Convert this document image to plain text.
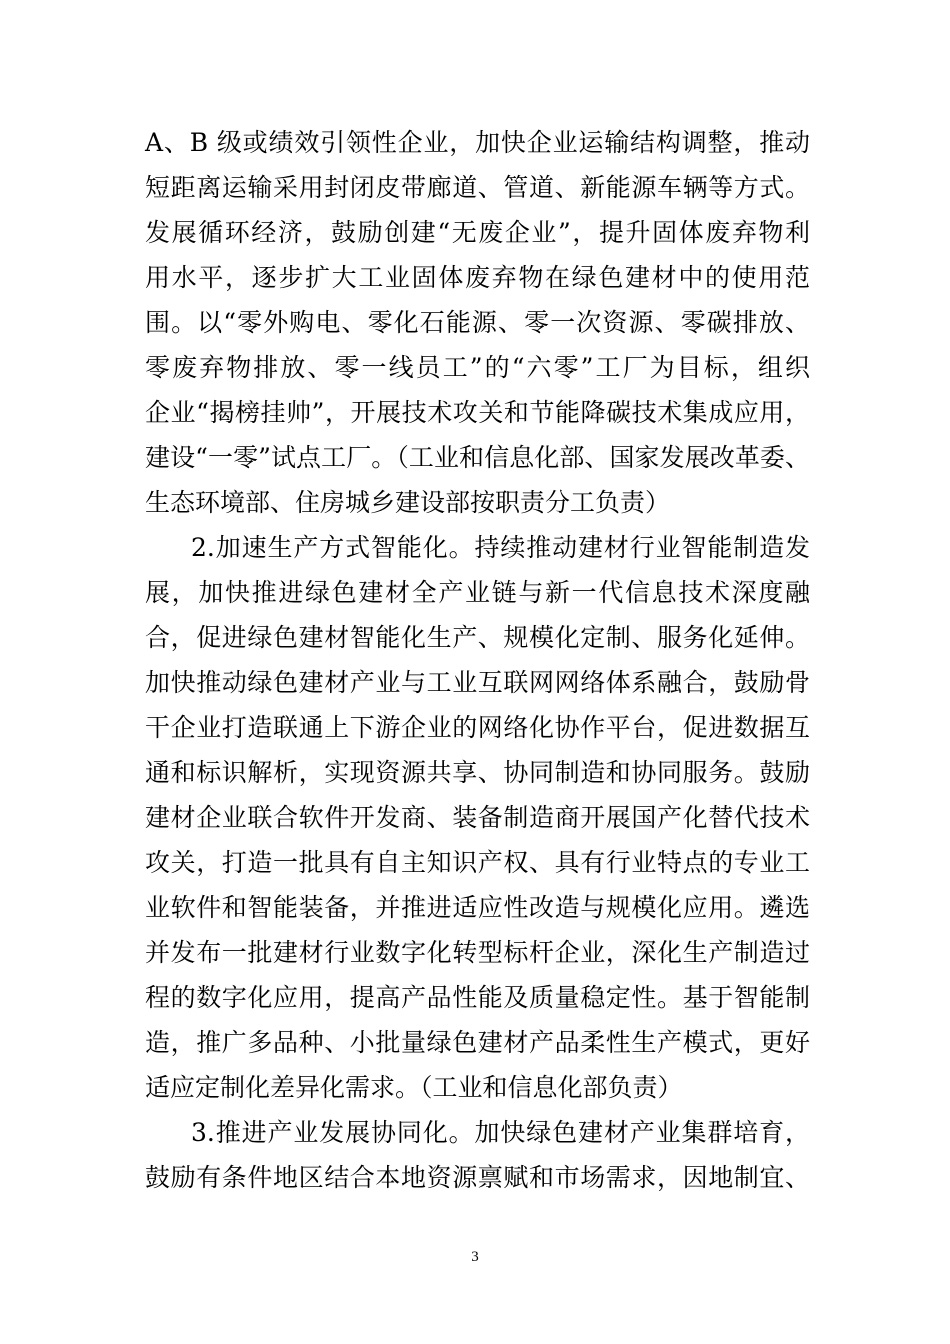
A、B 级或绩效引领性企业，加快企业运输结构调整，推动
短距离运输采用封闭皮带廊道、管道、新能源车辆等方式。
发展循环经济，鼓励创建“无废企业”，提升固体废弃物利
用水平，逐步扩大工业固体废弃物在绿色建材中的使用范
围。以“零外购电、零化石能源、零一次资源、零碳排放、
零废弃物排放、零一线员工”的“六零”工厂为目标，组织
企业“揭榜挂帅”，开展技术攻关和节能降碳技术集成应用，
建设“一零”试点工厂。（工业和信息化部、国家发展改革委、
生态环境部、住房城乡建设部按职责分工负责）
2.加速生产方式智能化。持续推动建材行业智能制造发
展，加快推进绿色建材全产业链与新一代信息技术深度融
合，促进绿色建材智能化生产、规模化定制、服务化延伸。
加快推动绿色建材产业与工业互联网网络体系融合，鼓励骨
干企业打造联通上下游企业的网络化协作平台，促进数据互
通和标识解析，实现资源共享、协同制造和协同服务。鼓励
建材企业联合软件开发商、装备制造商开展国产化替代技术
攻关，打造一批具有自主知识产权、具有行业特点的专业工
业软件和智能装备，并推进适应性改造与规模化应用。遴选
并发布一批建材行业数字化转型标杆企业，深化生产制造过
程的数字化应用，提高产品性能及质量稳定性。基于智能制
造，推广多品种、小批量绿色建材产品柔性生产模式，更好
适应定制化差异化需求。（工业和信息化部负责）
3.推进产业发展协同化。加快绿色建材产业集群培育，
鼓励有条件地区结合本地资源禀赋和市场需求，因地制宜、
3
